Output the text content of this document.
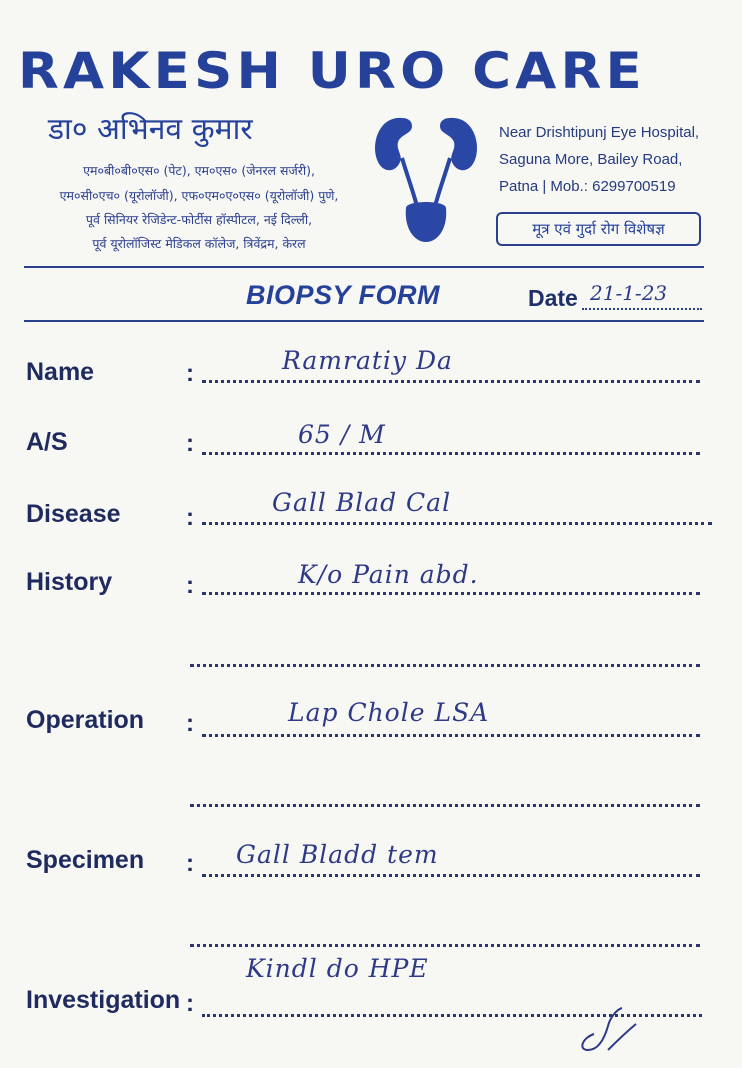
RAKESH URO CARE
डा० अभिनव कुमार
एम०बी०बी०एस० (पेट), एम०एस० (जेनरल सर्जरी),
एम०सी०एच० (यूरोलॉजी), एफ०एम०ए०एस० (यूरोलॉजी) पुणे,
पूर्व सिनियर रेजिडेन्ट-फोर्टीस हॉस्पीटल, नई दिल्ली,
पूर्व यूरोलॉजिस्ट मेडिकल कॉलेज, त्रिवेंद्रम, केरल
Near Drishtipunj Eye Hospital,
Saguna More, Bailey Road,
Patna | Mob.: 6299700519
मूत्र एवं गुर्दा रोग विशेषज्ञ
BIOPSY FORM	Date 21-1-23
Name	:	Ramratiy Da
A/S	:	65 / M
Disease	:
Gall Blad Cal
History	:	K/o Pain abd.
Operation :	Lap Chole LSA
Specimen : Gall Bladd tem
Investigation :
Kindl do HPE
